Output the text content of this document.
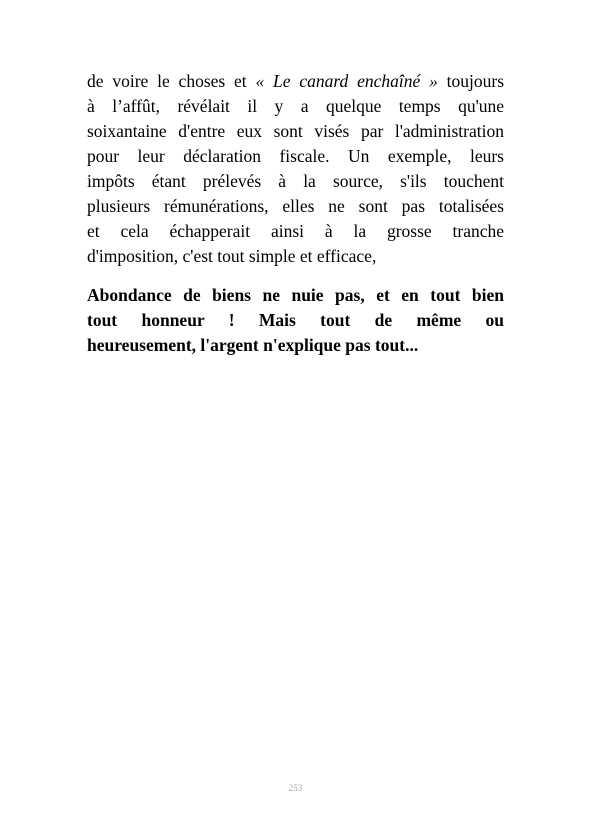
de voire le choses et « Le canard enchaîné » toujours
à l’affût, révélait il y a quelque temps qu'une
soixantaine d'entre eux sont visés par l'administration
pour leur déclaration fiscale. Un exemple, leurs
impôts étant prélevés à la source, s'ils touchent
plusieurs rémunérations, elles ne sont pas totalisées
et cela échapperait ainsi à la grosse tranche
d'imposition, c'est tout simple et efficace,
Abondance de biens ne nuie pas, et en tout bien
tout honneur ! Mais tout de même ou
heureusement, l'argent n'explique pas tout...
253
